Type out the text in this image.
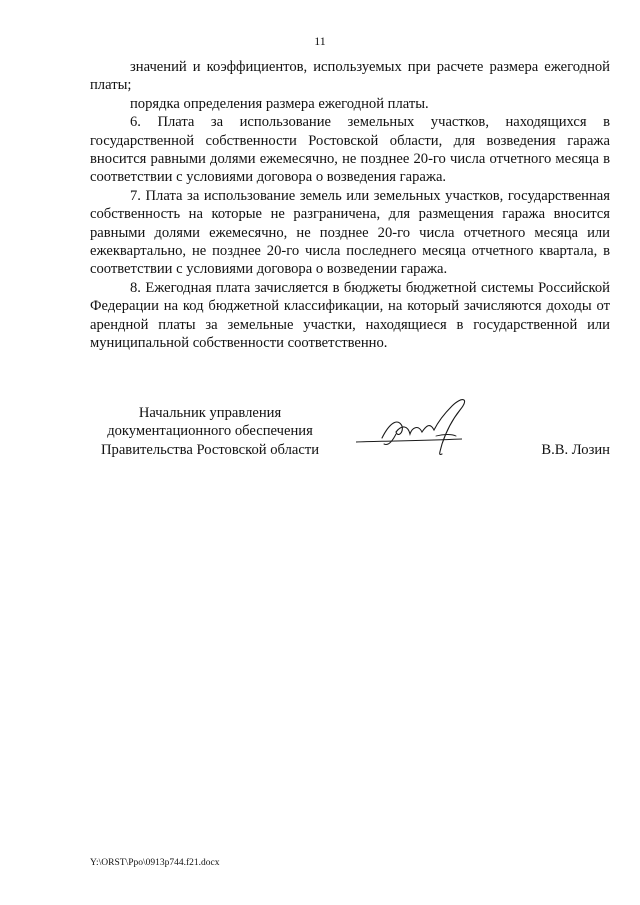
11

значений и коэффициентов, используемых при расчете размера ежегодной платы;

порядка определения размера ежегодной платы.

6. Плата за использование земельных участков, находящихся в государственной собственности Ростовской области, для возведения гаража вносится равными долями ежемесячно, не позднее 20-го числа отчетного месяца в соответствии с условиями договора о возведения гаража.

7. Плата за использование земель или земельных участков, государственная собственность на которые не разграничена, для размещения гаража вносится равными долями ежемесячно, не позднее 20-го числа отчетного месяца или ежеквартально, не позднее 20-го числа последнего месяца отчетного квартала, в соответствии с условиями договора о возведении гаража.

8. Ежегодная плата зачисляется в бюджеты бюджетной системы Российской Федерации на код бюджетной классификации, на который зачисляются доходы от арендной платы за земельные участки, находящиеся в государственной или муниципальной собственности соответственно.

Начальник управления
документационного обеспечения
Правительства Ростовской области	В.В. Лозин
Y:\ORST\Ppo\0913p744.f21.docx
